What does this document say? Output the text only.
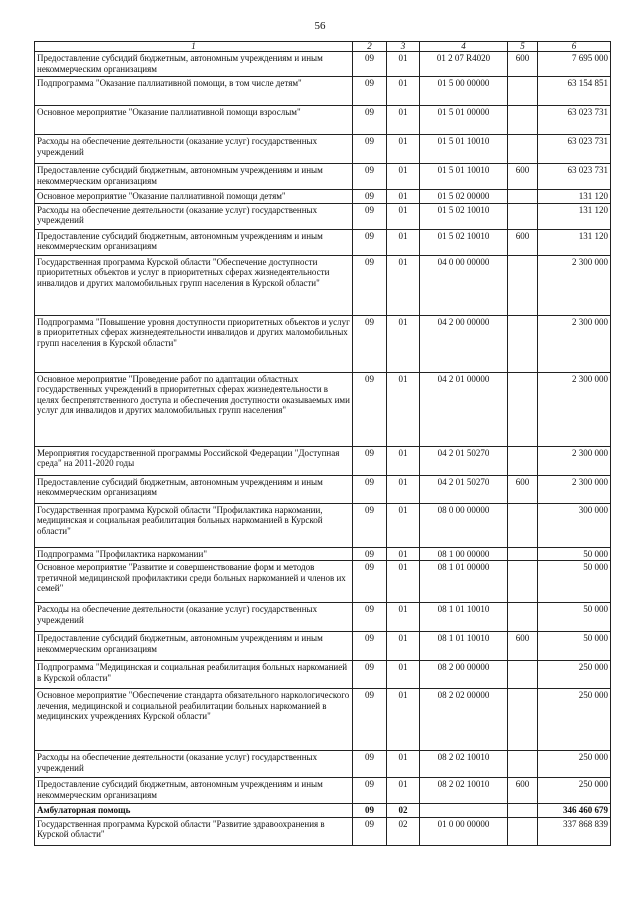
56
1	2	3	4	5	6
Предоставление субсидий бюджетным, автономным учреждениям и иным некоммерческим организациям	09	01	01 2 07 R4020	600	7 695 000
Подпрограмма "Оказание паллиативной помощи, в том числе детям"	09	01	01 5 00 00000		63 154 851
Основное мероприятие "Оказание паллиативной помощи взрослым"	09	01	01 5 01 00000		63 023 731
Расходы на обеспечение деятельности (оказание услуг) государственных учреждений	09	01	01 5 01 10010		63 023 731
Предоставление субсидий бюджетным, автономным учреждениям и иным некоммерческим организациям	09	01	01 5 01 10010	600	63 023 731
Основное мероприятие "Оказание паллиативной помощи детям"	09	01	01 5 02 00000		131 120
Расходы на обеспечение деятельности (оказание услуг) государственных учреждений	09	01	01 5 02 10010		131 120
Предоставление субсидий бюджетным, автономным учреждениям и иным некоммерческим организациям	09	01	01 5 02 10010	600	131 120
Государственная программа Курской области "Обеспечение доступности приоритетных объектов и услуг в приоритетных сферах жизнедеятельности инвалидов и других маломобильных групп населения в Курской области"	09	01	04 0 00 00000		2 300 000
Подпрограмма "Повышение уровня доступности приоритетных объектов и услуг в приоритетных сферах жизнедеятельности инвалидов и других маломобильных групп населения в Курской области"	09	01	04 2 00 00000		2 300 000
Основное мероприятие "Проведение работ по адаптации областных государственных учреждений в приоритетных сферах жизнедеятельности в целях беспрепятственного доступа и обеспечения доступности оказываемых ими услуг для инвалидов и других маломобильных групп населения"	09	01	04 2 01 00000		2 300 000
Мероприятия государственной программы Российской Федерации "Доступная среда" на 2011-2020 годы	09	01	04 2 01 50270		2 300 000
Предоставление субсидий бюджетным, автономным учреждениям и иным некоммерческим организациям	09	01	04 2 01 50270	600	2 300 000
Государственная программа Курской области "Профилактика наркомании, медицинская и социальная реабилитация больных наркоманией в Курской области"	09	01	08 0 00 00000		300 000
Подпрограмма "Профилактика наркомании"	09	01	08 1 00 00000		50 000
Основное мероприятие "Развитие и совершенствование форм и методов третичной медицинской профилактики среди больных наркоманией и членов их семей"	09	01	08 1 01 00000		50 000
Расходы на обеспечение деятельности (оказание услуг) государственных учреждений	09	01	08 1 01 10010		50 000
Предоставление субсидий бюджетным, автономным учреждениям и иным некоммерческим организациям	09	01	08 1 01 10010	600	50 000
Подпрограмма "Медицинская и социальная реабилитация больных наркоманией в Курской области"	09	01	08 2 00 00000		250 000
Основное мероприятие "Обеспечение стандарта обязательного наркологического лечения, медицинской и социальной реабилитации больных наркоманией в медицинских учреждениях Курской области"	09	01	08 2 02 00000		250 000
Расходы на обеспечение деятельности (оказание услуг) государственных учреждений	09	01	08 2 02 10010		250 000
Предоставление субсидий бюджетным, автономным учреждениям и иным некоммерческим организациям	09	01	08 2 02 10010	600	250 000
Амбулаторная помощь	09	02			346 460 679
Государственная программа Курской области "Развитие здравоохранения в Курской области"	09	02	01 0 00 00000		337 868 839
